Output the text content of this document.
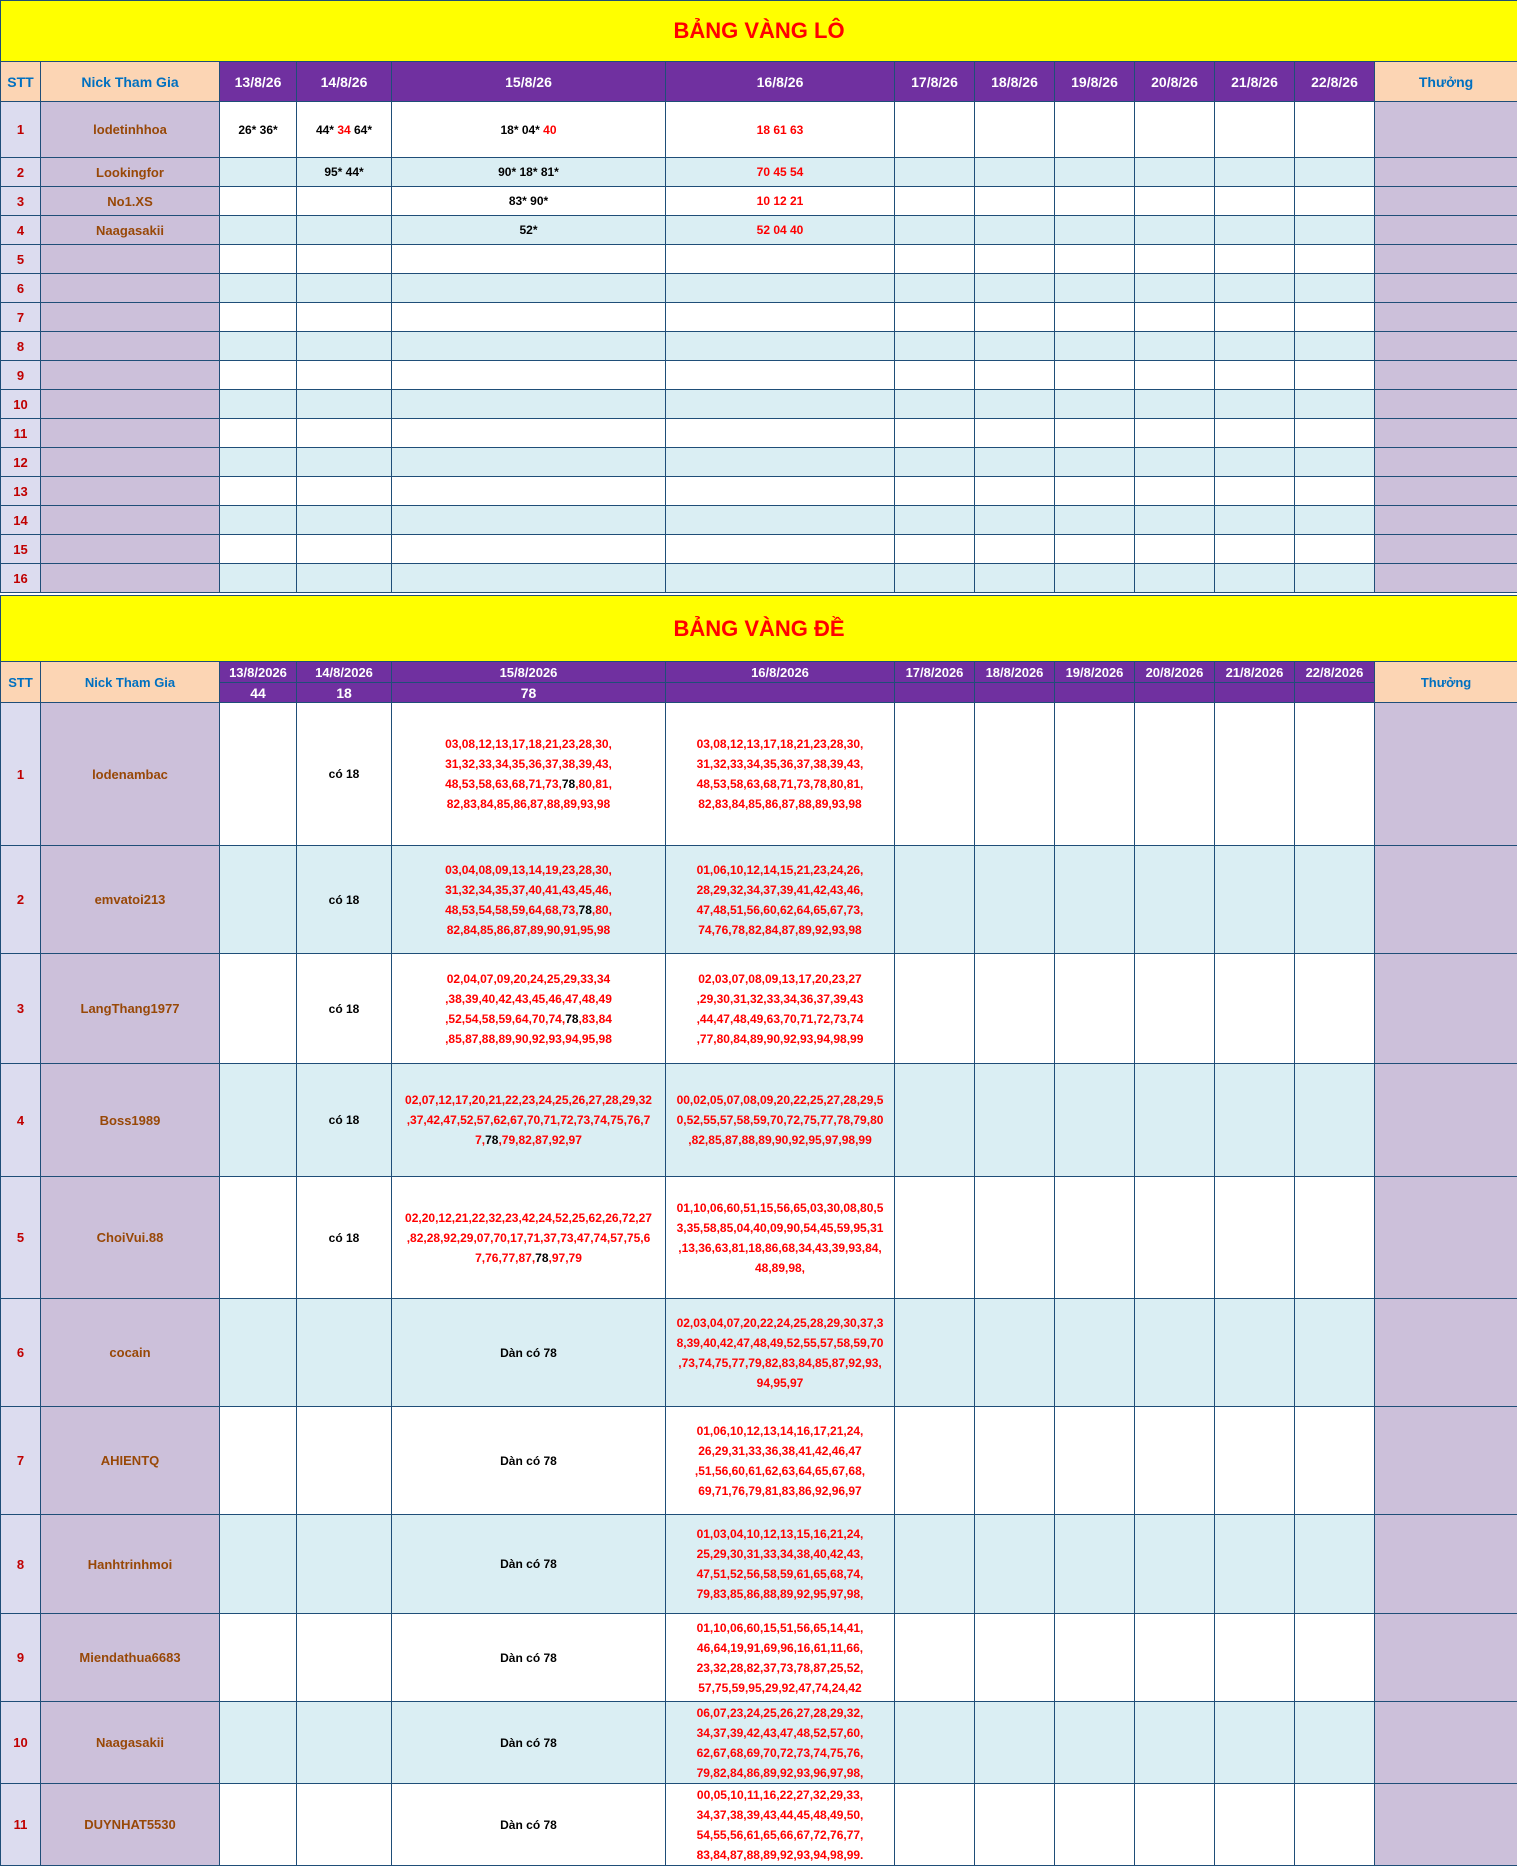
BẢNG VÀNG LÔ												
STT	Nick Tham Gia	13/8/26	14/8/26	15/8/26	16/8/26	17/8/26	18/8/26	19/8/26	20/8/26	21/8/26	22/8/26	Thưởng
1	lodetinhhoa	26* 36*	44* 34 64*	18* 04* 40	18 61 63							
2	Lookingfor		95* 44*	90* 18* 81*	70 45 54							
3	No1.XS			83* 90*	10 12 21							
4	Naagasakii			52*	52 04 40							
5												
6												
7												
8												
9												
10												
11												
12												
13												
14												
15												
16												
BẢNG VÀNG ĐỀ												
STT	Nick Tham Gia	13/8/2026	14/8/2026	15/8/2026	16/8/2026	17/8/2026	18/8/2026	19/8/2026	20/8/2026	21/8/2026	22/8/2026	Thưởng
		44	18	78								
1	lodenambac		có 18	03,08,12,13,17,18,21,23,28,30,
31,32,33,34,35,36,37,38,39,43,
48,53,58,63,68,71,73,78,80,81,
82,83,84,85,86,87,88,89,93,98	03,08,12,13,17,18,21,23,28,30,
31,32,33,34,35,36,37,38,39,43,
48,53,58,63,68,71,73,78,80,81,
82,83,84,85,86,87,88,89,93,98							
2	emvatoi213		có 18	03,04,08,09,13,14,19,23,28,30,
31,32,34,35,37,40,41,43,45,46,
48,53,54,58,59,64,68,73,78,80,
82,84,85,86,87,89,90,91,95,98	01,06,10,12,14,15,21,23,24,26,
28,29,32,34,37,39,41,42,43,46,
47,48,51,56,60,62,64,65,67,73,
74,76,78,82,84,87,89,92,93,98							
3	LangThang1977		có 18	02,04,07,09,20,24,25,29,33,34
,38,39,40,42,43,45,46,47,48,49
,52,54,58,59,64,70,74,78,83,84
,85,87,88,89,90,92,93,94,95,98	02,03,07,08,09,13,17,20,23,27
,29,30,31,32,33,34,36,37,39,43
,44,47,48,49,63,70,71,72,73,74
,77,80,84,89,90,92,93,94,98,99							
4	Boss1989		có 18	02,07,12,17,20,21,22,23,24,25,26,27,28,29,32
,37,42,47,52,57,62,67,70,71,72,73,74,75,76,7
7,78,79,82,87,92,97	00,02,05,07,08,09,20,22,25,27,28,29,5
0,52,55,57,58,59,70,72,75,77,78,79,80
,82,85,87,88,89,90,92,95,97,98,99							
5	ChoiVui.88		có 18	02,20,12,21,22,32,23,42,24,52,25,62,26,72,27
,82,28,92,29,07,70,17,71,37,73,47,74,57,75,6
7,76,77,87,78,97,79	01,10,06,60,51,15,56,65,03,30,08,80,5
3,35,58,85,04,40,09,90,54,45,59,95,31
,13,36,63,81,18,86,68,34,43,39,93,84,
48,89,98,							
6	cocain			Dàn có 78	02,03,04,07,20,22,24,25,28,29,30,37,3
8,39,40,42,47,48,49,52,55,57,58,59,70
,73,74,75,77,79,82,83,84,85,87,92,93,
94,95,97							
7	AHIENTQ			Dàn có 78	01,06,10,12,13,14,16,17,21,24,
26,29,31,33,36,38,41,42,46,47
,51,56,60,61,62,63,64,65,67,68,
69,71,76,79,81,83,86,92,96,97							
8	Hanhtrinhmoi			Dàn có 78	01,03,04,10,12,13,15,16,21,24,
25,29,30,31,33,34,38,40,42,43,
47,51,52,56,58,59,61,65,68,74,
79,83,85,86,88,89,92,95,97,98,							
9	Miendathua6683			Dàn có 78	01,10,06,60,15,51,56,65,14,41,
46,64,19,91,69,96,16,61,11,66,
23,32,28,82,37,73,78,87,25,52,
57,75,59,95,29,92,47,74,24,42							
10	Naagasakii			Dàn có 78	06,07,23,24,25,26,27,28,29,32,
34,37,39,42,43,47,48,52,57,60,
62,67,68,69,70,72,73,74,75,76,
79,82,84,86,89,92,93,96,97,98,							
11	DUYNHAT5530			Dàn có 78	00,05,10,11,16,22,27,32,29,33,
34,37,38,39,43,44,45,48,49,50,
54,55,56,61,65,66,67,72,76,77,
83,84,87,88,89,92,93,94,98,99.							
